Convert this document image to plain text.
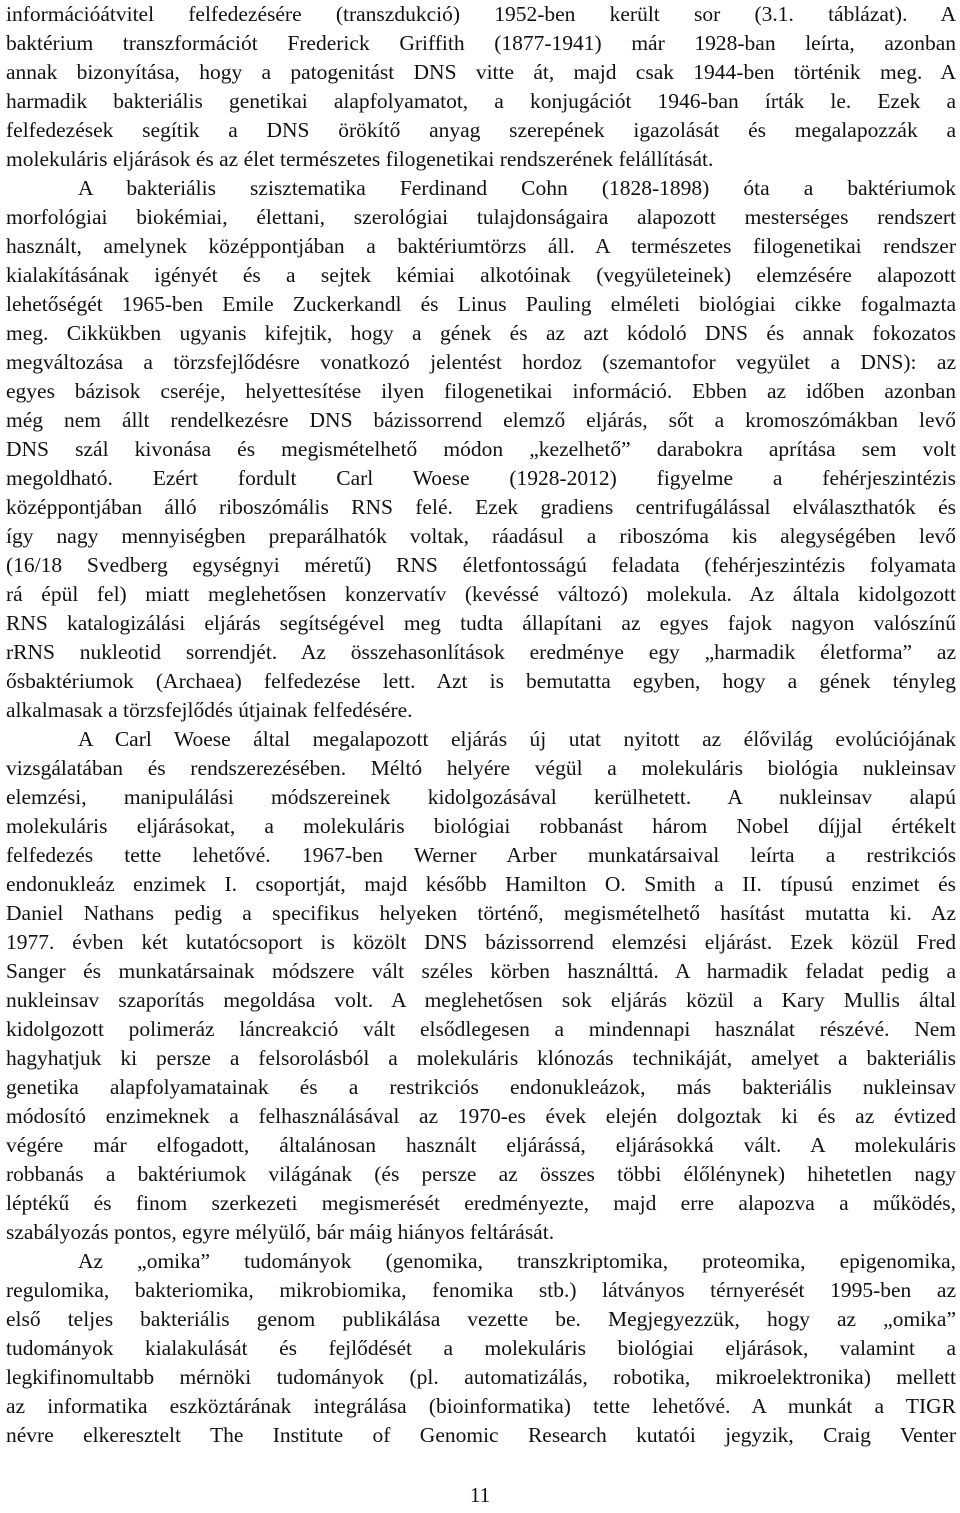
információátvitel felfedezésére (transzdukció) 1952-ben került sor (3.1. táblázat). A
baktérium transzformációt Frederick Griffith (1877-1941) már 1928-ban leírta, azonban
annak bizonyítása, hogy a patogenitást DNS vitte át, majd csak 1944-ben történik meg. A
harmadik bakteriális genetikai alapfolyamatot, a konjugációt 1946-ban írták le. Ezek a
felfedezések segítik a DNS örökítő anyag szerepének igazolását és megalapozzák a
molekuláris eljárások és az élet természetes filogenetikai rendszerének felállítását.
A bakteriális szisztematika Ferdinand Cohn (1828-1898) óta a baktériumok
morfológiai biokémiai, élettani, szerológiai tulajdonságaira alapozott mesterséges rendszert
használt, amelynek középpontjában a baktériumtörzs áll. A természetes filogenetikai rendszer
kialakításának igényét és a sejtek kémiai alkotóinak (vegyületeinek) elemzésére alapozott
lehetőségét 1965-ben Emile Zuckerkandl és Linus Pauling elméleti biológiai cikke fogalmazta
meg. Cikkükben ugyanis kifejtik, hogy a gének és az azt kódoló DNS és annak fokozatos
megváltozása a törzsfejlődésre vonatkozó jelentést hordoz (szemantofor vegyület a DNS): az
egyes bázisok cseréje, helyettesítése ilyen filogenetikai információ. Ebben az időben azonban
még nem állt rendelkezésre DNS bázissorrend elemző eljárás, sőt a kromoszómákban levő
DNS szál kivonása és megismételhető módon „kezelhető” darabokra aprítása sem volt
megoldható. Ezért fordult Carl Woese (1928-2012) figyelme a fehérjeszintézis
középpontjában álló riboszómális RNS felé. Ezek gradiens centrifugálással elválaszthatók és
így nagy mennyiségben preparálhatók voltak, ráadásul a riboszóma kis alegységében levő
(16/18 Svedberg egységnyi méretű) RNS életfontosságú feladata (fehérjeszintézis folyamata
rá épül fel) miatt meglehetősen konzervatív (kevéssé változó) molekula. Az általa kidolgozott
RNS katalogizálási eljárás segítségével meg tudta állapítani az egyes fajok nagyon valószínű
rRNS nukleotid sorrendjét. Az összehasonlítások eredménye egy „harmadik életforma” az
ősbaktériumok (Archaea) felfedezése lett. Azt is bemutatta egyben, hogy a gének tényleg
alkalmasak a törzsfejlődés útjainak felfedésére.
A Carl Woese által megalapozott eljárás új utat nyitott az élővilág evolúciójának
vizsgálatában és rendszerezésében. Méltó helyére végül a molekuláris biológia nukleinsav
elemzési, manipulálási módszereinek kidolgozásával kerülhetett. A nukleinsav alapú
molekuláris eljárásokat, a molekuláris biológiai robbanást három Nobel díjjal értékelt
felfedezés tette lehetővé. 1967-ben Werner Arber munkatársaival leírta a restrikciós
endonukleáz enzimek I. csoportját, majd később Hamilton O. Smith a II. típusú enzimet és
Daniel Nathans pedig a specifikus helyeken történő, megismételhető hasítást mutatta ki. Az
1977. évben két kutatócsoport is közölt DNS bázissorrend elemzési eljárást. Ezek közül Fred
Sanger és munkatársainak módszere vált széles körben használttá. A harmadik feladat pedig a
nukleinsav szaporítás megoldása volt. A meglehetősen sok eljárás közül a Kary Mullis által
kidolgozott polimeráz láncreakció vált elsődlegesen a mindennapi használat részévé. Nem
hagyhatjuk ki persze a felsorolásból a molekuláris klónozás technikáját, amelyet a bakteriális
genetika alapfolyamatainak és a restrikciós endonukleázok, más bakteriális nukleinsav
módosító enzimeknek a felhasználásával az 1970-es évek elején dolgoztak ki és az évtized
végére már elfogadott, általánosan használt eljárássá, eljárásokká vált. A molekuláris
robbanás a baktériumok világának (és persze az összes többi élőlénynek) hihetetlen nagy
léptékű és finom szerkezeti megismerését eredményezte, majd erre alapozva a működés,
szabályozás pontos, egyre mélyülő, bár máig hiányos feltárását.
Az „omika” tudományok (genomika, transzkriptomika, proteomika, epigenomika,
regulomika, bakteriomika, mikrobiomika, fenomika stb.) látványos térnyerését 1995-ben az
első teljes bakteriális genom publikálása vezette be. Megjegyezzük, hogy az „omika”
tudományok kialakulását és fejlődését a molekuláris biológiai eljárások, valamint a
legkifinomultabb mérnöki tudományok (pl. automatizálás, robotika, mikroelektronika) mellett
az informatika eszköztárának integrálása (bioinformatika) tette lehetővé. A munkát a TIGR
névre elkeresztelt The Institute of Genomic Research kutatói jegyzik, Craig Venter
11
